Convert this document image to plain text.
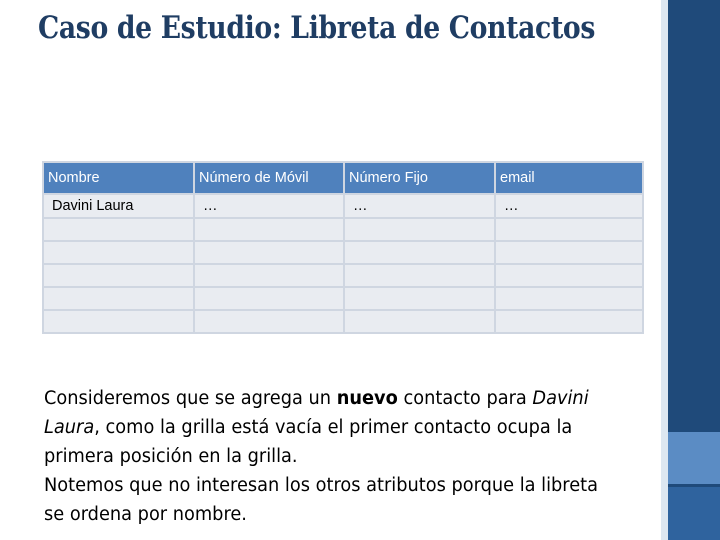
Caso de Estudio: Libreta de Contactos
Nombre	Número de Móvil	Número Fijo	email
Davini Laura	…	…	…

Consideremos que se agrega un nuevo contacto para Davini Laura, como la grilla está vacía el primer contacto ocupa la primera posición en la grilla.

Notemos que no interesan los otros atributos porque la libreta se ordena por nombre.
